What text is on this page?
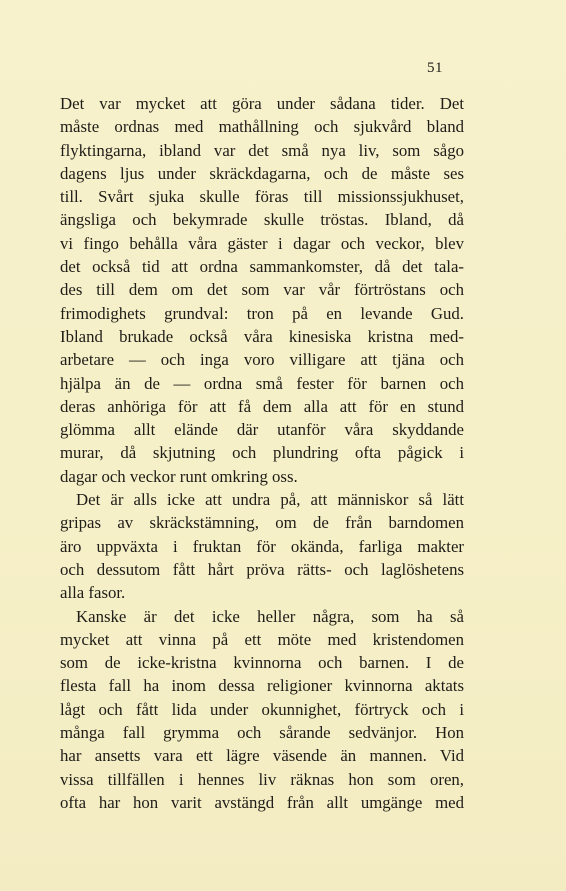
51
Det var mycket att göra under sådana tider. Det
måste ordnas med mathållning och sjukvård bland
flyktingarna, ibland var det små nya liv, som sågo
dagens ljus under skräckdagarna, och de måste ses
till. Svårt sjuka skulle föras till missionssjukhuset,
ängsliga och bekymrade skulle tröstas. Ibland, då
vi fingo behålla våra gäster i dagar och veckor, blev
det också tid att ordna sammankomster, då det tala-
des till dem om det som var vår förtröstans och
frimodighets grundval: tron på en levande Gud.
Ibland brukade också våra kinesiska kristna med-
arbetare — och inga voro villigare att tjäna och
hjälpa än de — ordna små fester för barnen och
deras anhöriga för att få dem alla att för en stund
glömma allt elände där utanför våra skyddande
murar, då skjutning och plundring ofta pågick i
dagar och veckor runt omkring oss.
Det är alls icke att undra på, att människor så lätt
gripas av skräckstämning, om de från barndomen
äro uppväxta i fruktan för okända, farliga makter
och dessutom fått hårt pröva rätts- och laglöshetens
alla fasor.
Kanske är det icke heller några, som ha så
mycket att vinna på ett möte med kristendomen
som de icke-kristna kvinnorna och barnen. I de
flesta fall ha inom dessa religioner kvinnorna aktats
lågt och fått lida under okunnighet, förtryck och i
många fall grymma och sårande sedvänjor. Hon
har ansetts vara ett lägre väsende än mannen. Vid
vissa tillfällen i hennes liv räknas hon som oren,
ofta har hon varit avstängd från allt umgänge med
